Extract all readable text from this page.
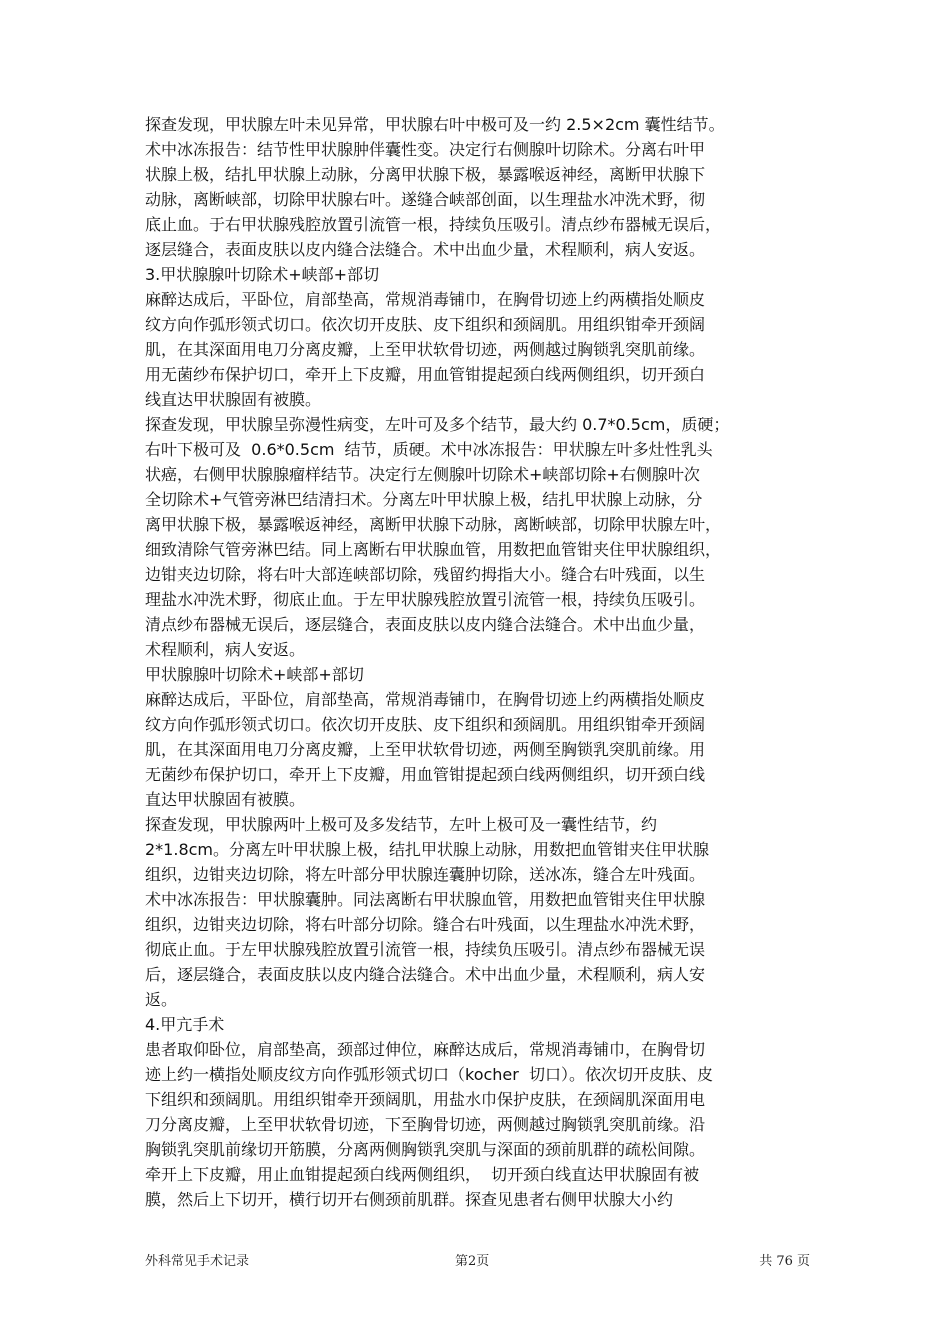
探查发现，甲状腺左叶未见异常，甲状腺右叶中极可及一约 2.5×2cm 囊性结节。
术中冰冻报告：结节性甲状腺肿伴囊性变。决定行右侧腺叶切除术。分离右叶甲
状腺上极，结扎甲状腺上动脉，分离甲状腺下极，暴露喉返神经，离断甲状腺下
动脉，离断峡部，切除甲状腺右叶。遂缝合峡部创面，以生理盐水冲洗术野，彻
底止血。于右甲状腺残腔放置引流管一根，持续负压吸引。清点纱布器械无误后，
逐层缝合，表面皮肤以皮内缝合法缝合。术中出血少量，术程顺利，病人安返。
3.甲状腺腺叶切除术+峡部+部切
麻醉达成后，平卧位，肩部垫高，常规消毒铺巾，在胸骨切迹上约两横指处顺皮
纹方向作弧形领式切口。依次切开皮肤、皮下组织和颈阔肌。用组织钳牵开颈阔
肌，在其深面用电刀分离皮瓣，上至甲状软骨切迹，两侧越过胸锁乳突肌前缘。
用无菌纱布保护切口，牵开上下皮瓣，用血管钳提起颈白线两侧组织，切开颈白
线直达甲状腺固有被膜。
探查发现，甲状腺呈弥漫性病变，左叶可及多个结节，最大约 0.7*0.5cm，质硬；
右叶下极可及  0.6*0.5cm  结节，质硬。术中冰冻报告：甲状腺左叶多灶性乳头
状癌，右侧甲状腺腺瘤样结节。决定行左侧腺叶切除术+峡部切除+右侧腺叶次
全切除术+气管旁淋巴结清扫术。分离左叶甲状腺上极，结扎甲状腺上动脉，分
离甲状腺下极，暴露喉返神经，离断甲状腺下动脉，离断峡部，切除甲状腺左叶，
细致清除气管旁淋巴结。同上离断右甲状腺血管，用数把血管钳夹住甲状腺组织，
边钳夹边切除，将右叶大部连峡部切除，残留约拇指大小。缝合右叶残面，以生
理盐水冲洗术野，彻底止血。于左甲状腺残腔放置引流管一根，持续负压吸引。
清点纱布器械无误后，逐层缝合，表面皮肤以皮内缝合法缝合。术中出血少量，
术程顺利，病人安返。
甲状腺腺叶切除术+峡部+部切
麻醉达成后，平卧位，肩部垫高，常规消毒铺巾，在胸骨切迹上约两横指处顺皮
纹方向作弧形领式切口。依次切开皮肤、皮下组织和颈阔肌。用组织钳牵开颈阔
肌，在其深面用电刀分离皮瓣，上至甲状软骨切迹，两侧至胸锁乳突肌前缘。用
无菌纱布保护切口，牵开上下皮瓣，用血管钳提起颈白线两侧组织，切开颈白线
直达甲状腺固有被膜。
探查发现，甲状腺两叶上极可及多发结节，左叶上极可及一囊性结节，约
2*1.8cm。分离左叶甲状腺上极，结扎甲状腺上动脉，用数把血管钳夹住甲状腺
组织，边钳夹边切除，将左叶部分甲状腺连囊肿切除，送冰冻，缝合左叶残面。
术中冰冻报告：甲状腺囊肿。同法离断右甲状腺血管，用数把血管钳夹住甲状腺
组织，边钳夹边切除，将右叶部分切除。缝合右叶残面，以生理盐水冲洗术野，
彻底止血。于左甲状腺残腔放置引流管一根，持续负压吸引。清点纱布器械无误
后，逐层缝合，表面皮肤以皮内缝合法缝合。术中出血少量，术程顺利，病人安
返。
4.甲亢手术
患者取仰卧位，肩部垫高，颈部过伸位，麻醉达成后，常规消毒铺巾，在胸骨切
迹上约一横指处顺皮纹方向作弧形领式切口（kocher  切口）。依次切开皮肤、皮
下组织和颈阔肌。用组织钳牵开颈阔肌，用盐水巾保护皮肤，在颈阔肌深面用电
刀分离皮瓣，上至甲状软骨切迹，下至胸骨切迹，两侧越过胸锁乳突肌前缘。沿
胸锁乳突肌前缘切开筋膜，分离两侧胸锁乳突肌与深面的颈前肌群的疏松间隙。
牵开上下皮瓣，用止血钳提起颈白线两侧组织，  切开颈白线直达甲状腺固有被
膜，然后上下切开，横行切开右侧颈前肌群。探查见患者右侧甲状腺大小约
外科常见手术记录	第2页	共 76 页
